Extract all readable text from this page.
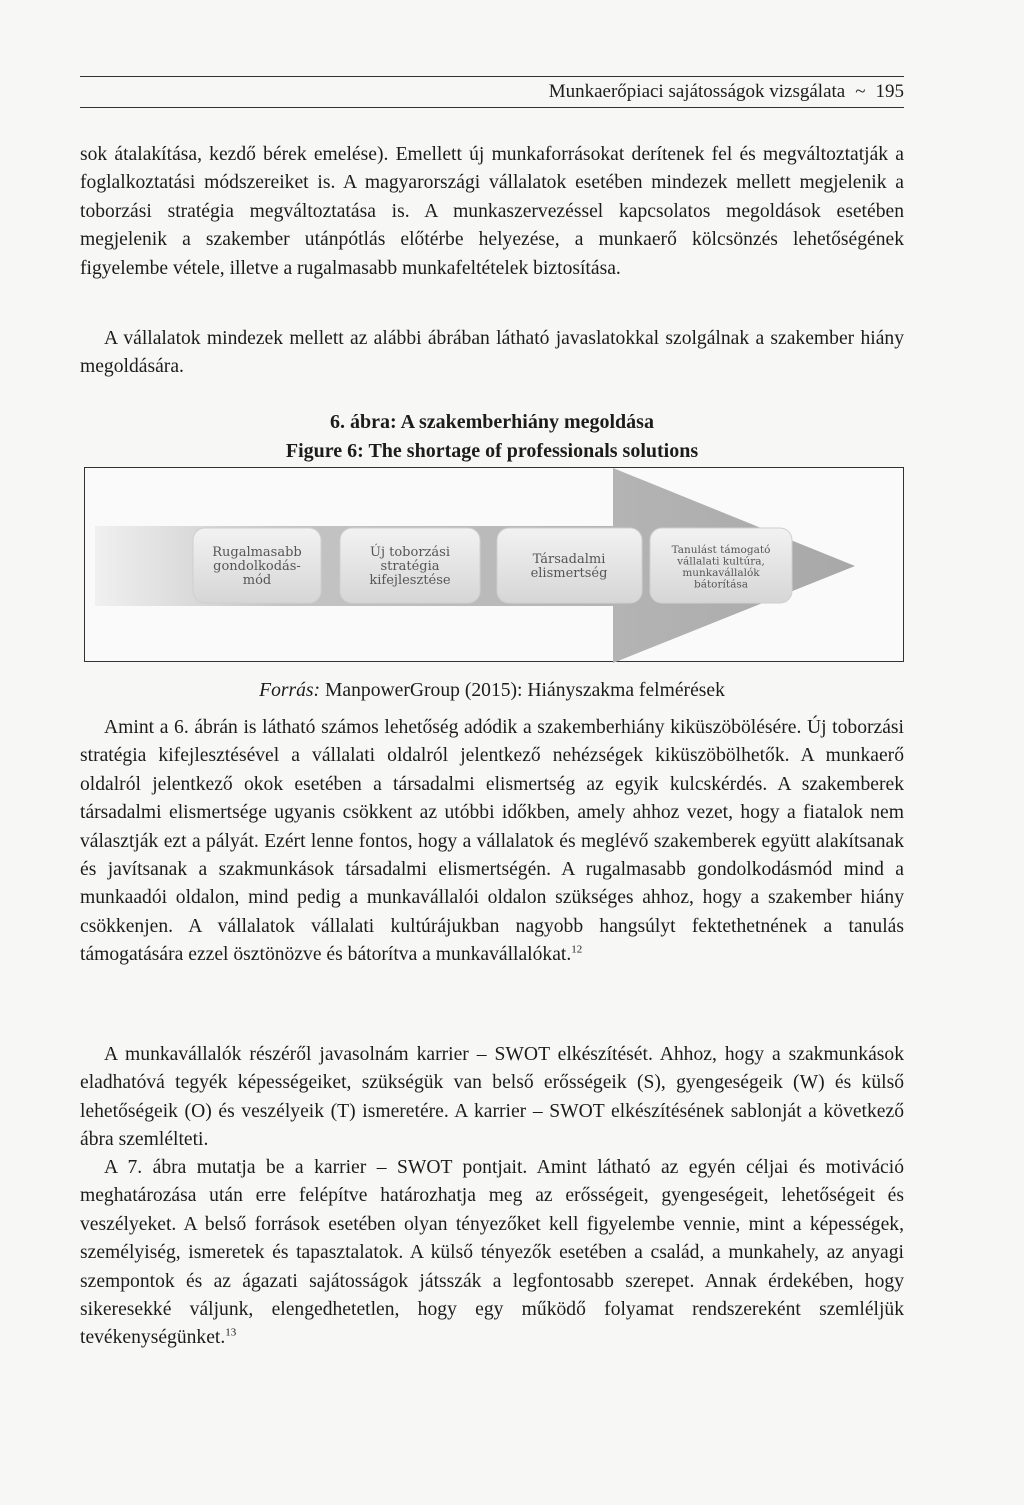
Munkaerőpiaci sajátosságok vizsgálata ~ 195

sok átalakítása, kezdő bérek emelése). Emellett új munkaforrásokat derítenek fel és megváltoztatják a foglalkoztatási módszereiket is. A magyarországi vállalatok esetében mindezek mellett megjelenik a toborzási stratégia megváltoztatása is. A munkaszervezéssel kapcsolatos megoldások esetében megjelenik a szakember utánpótlás előtérbe helyezése, a munkaerő kölcsönzés lehetőségének figyelembe vétele, illetve a rugalmasabb munkafeltételek biztosítása.

A vállalatok mindezek mellett az alábbi ábrában látható javaslatokkal szolgálnak a szakember hiány megoldására.

6. ábra: A szakemberhiány megoldása
Figure 6: The shortage of professionals solutions
Rugalmasabb
gondolkodás-
mód
Új toborzási
stratégia
kifejlesztése
Társadalmi
elismertség
Tanulást támogató
vállalati kultúra,
munkavállalók
bátorítása
Forrás: ManpowerGroup (2015): Hiányszakma felmérések

Amint a 6. ábrán is látható számos lehetőség adódik a szakemberhiány kiküszöbölésére. Új toborzási stratégia kifejlesztésével a vállalati oldalról jelentkező nehézségek kiküszöbölhetők. A munkaerő oldalról jelentkező okok esetében a társadalmi elismertség az egyik kulcskérdés. A szakemberek társadalmi elismertsége ugyanis csökkent az utóbbi időkben, amely ahhoz vezet, hogy a fiatalok nem választják ezt a pályát. Ezért lenne fontos, hogy a vállalatok és meglévő szakemberek együtt alakítsanak és javítsanak a szakmunkások társadalmi elismertségén. A rugalmasabb gondolkodásmód mind a munkaadói oldalon, mind pedig a munkavállalói oldalon szükséges ahhoz, hogy a szakember hiány csökkenjen. A vállalatok vállalati kultúrájukban nagyobb hangsúlyt fektethetnének a tanulás támogatására ezzel ösztönözve és bátorítva a munkavállalókat.$^{12}$

A munkavállalók részéről javasolnám karrier – SWOT elkészítését. Ahhoz, hogy a szakmunkások eladhatóvá tegyék képességeiket, szükségük van belső erősségeik (S), gyengeségeik (W) és külső lehetőségeik (O) és veszélyeik (T) ismeretére. A karrier – SWOT elkészítésének sablonját a következő ábra szemlélteti.

A 7. ábra mutatja be a karrier – SWOT pontjait. Amint látható az egyén céljai és motiváció meghatározása után erre felépítve határozhatja meg az erősségeit, gyengeségeit, lehetőségeit és veszélyeket. A belső források esetében olyan tényezőket kell figyelembe vennie, mint a képességek, személyiség, ismeretek és tapasztalatok. A külső tényezők esetében a család, a munkahely, az anyagi szempontok és az ágazati sajátosságok játsszák a legfontosabb szerepet. Annak érdekében, hogy sikeresekké váljunk, elengedhetetlen, hogy egy működő folyamat rendszereként szemléljük tevékenységünket.$^{13}$
